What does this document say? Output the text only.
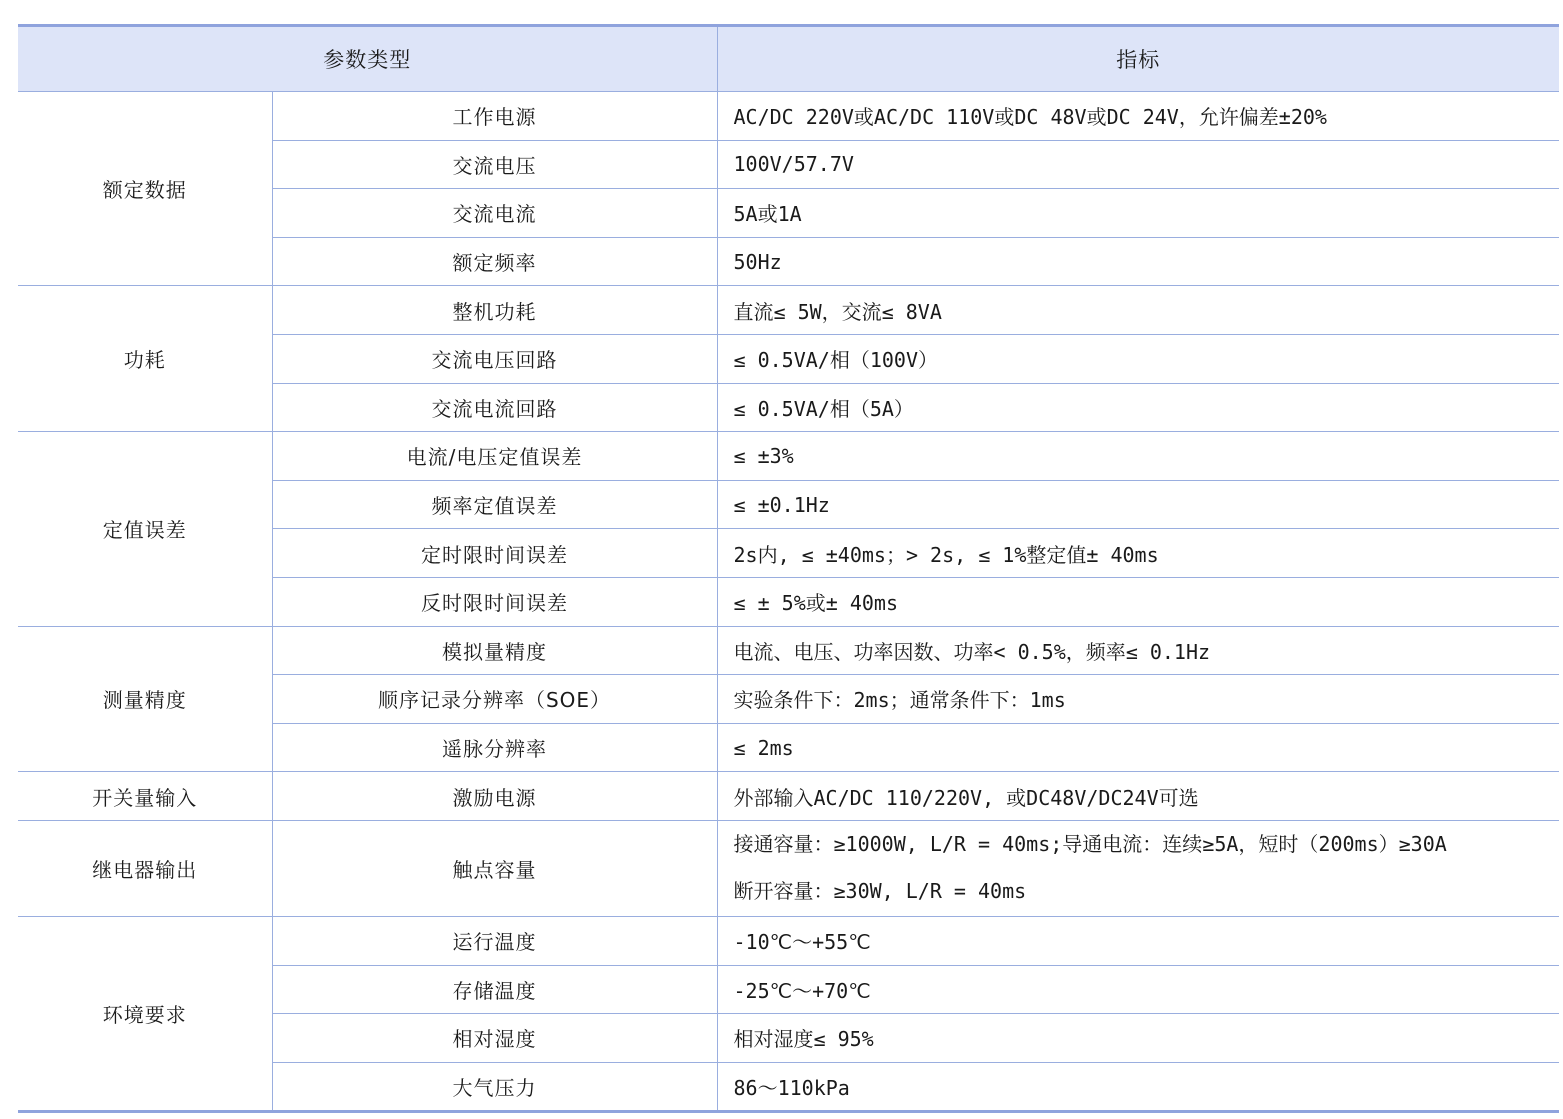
参数类型		指标
额定数据	工作电源	AC/DC 220V或AC/DC 110V或DC 48V或DC 24V，允许偏差±20%
	交流电压	100V/57.7V
	交流电流	5A或1A
	额定频率	50Hz
功耗	整机功耗	直流≤ 5W，交流≤ 8VA
	交流电压回路	≤ 0.5VA/相（100V）
	交流电流回路	≤ 0.5VA/相（5A）
定值误差	电流/电压定值误差	≤ ±3%
	频率定值误差	≤ ±0.1Hz
	定时限时间误差	2s内, ≤ ±40ms；> 2s, ≤ 1%整定值± 40ms
	反时限时间误差	≤ ± 5%或± 40ms
测量精度	模拟量精度	电流、电压、功率因数、功率< 0.5%，频率≤ 0.1Hz
	顺序记录分辨率（SOE）	实验条件下：2ms；通常条件下：1ms
	遥脉分辨率	≤ 2ms
开关量输入	激励电源	外部输入AC/DC 110/220V, 或DC48V/DC24V可选
继电器输出	触点容量	接通容量：≥1000W, L/R = 40ms;导通电流：连续≥5A，短时（200ms）≥30A
断开容量：≥30W, L/R = 40ms

环境要求	运行温度	-10℃～+55℃
	存储温度	-25℃～+70℃
	相对湿度	相对湿度≤ 95%
	大气压力	86～110kPa
